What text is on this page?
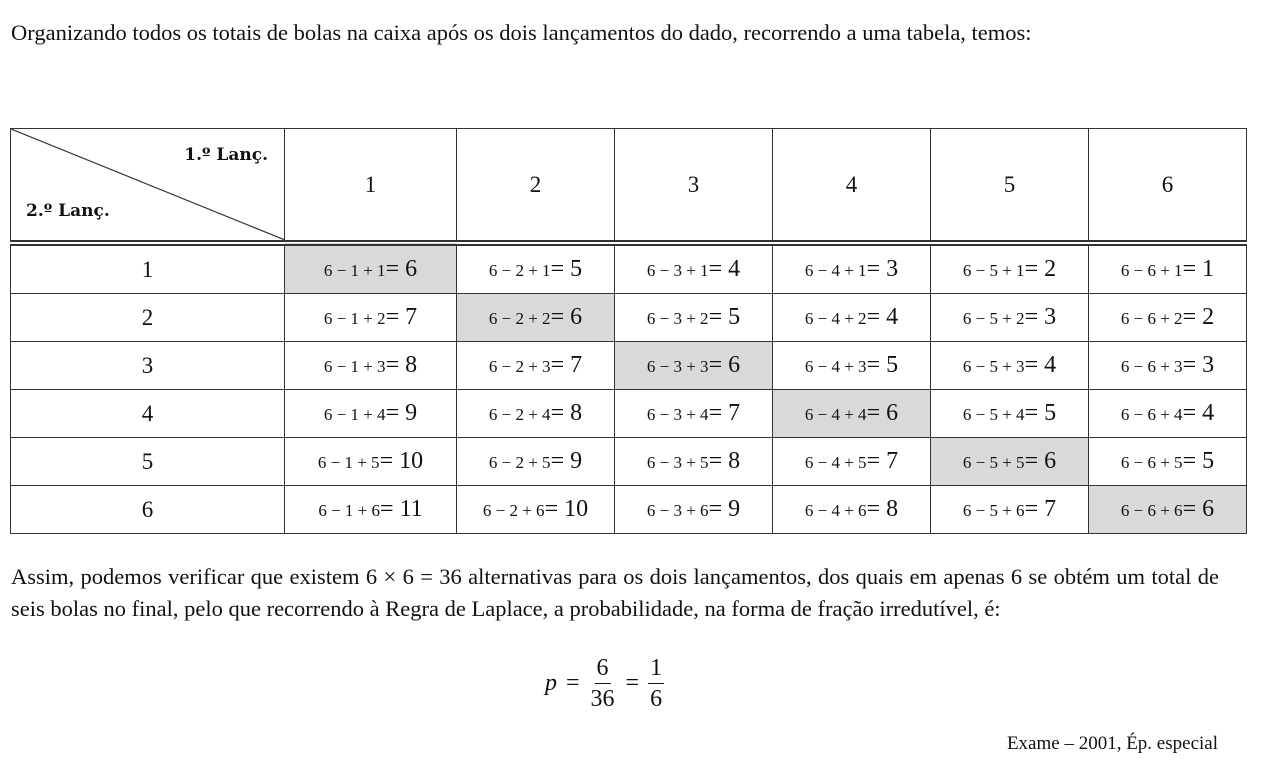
Organizando todos os totais de bolas na caixa após os dois lançamentos do dado, recorrendo a uma tabela, temos:
1.º Lanç.
2.º Lanç.	1	2	3	4	5	6
1	6 − 1 + 1= 6	6 − 2 + 1= 5	6 − 3 + 1= 4	6 − 4 + 1= 3	6 − 5 + 1= 2	6 − 6 + 1= 1
2	6 − 1 + 2= 7	6 − 2 + 2= 6	6 − 3 + 2= 5	6 − 4 + 2= 4	6 − 5 + 2= 3	6 − 6 + 2= 2
3	6 − 1 + 3= 8	6 − 2 + 3= 7	6 − 3 + 3= 6	6 − 4 + 3= 5	6 − 5 + 3= 4	6 − 6 + 3= 3
4	6 − 1 + 4= 9	6 − 2 + 4= 8	6 − 3 + 4= 7	6 − 4 + 4= 6	6 − 5 + 4= 5	6 − 6 + 4= 4
5	6 − 1 + 5= 10	6 − 2 + 5= 9	6 − 3 + 5= 8	6 − 4 + 5= 7	6 − 5 + 5= 6	6 − 6 + 5= 5
6	6 − 1 + 6= 11	6 − 2 + 6= 10	6 − 3 + 6= 9	6 − 4 + 6= 8	6 − 5 + 6= 7	6 − 6 + 6= 6
Assim, podemos verificar que existem 6 × 6 = 36 alternativas para os dois lançamentos, dos quais em apenas 6 se obtém um total de seis bolas no final, pelo que recorrendo à Regra de Laplace, a probabilidade, na forma de fração irredutível, é:
$p = \frac{6}{36} = \frac{1}{6}$
Exame – 2001, Ép. especial
